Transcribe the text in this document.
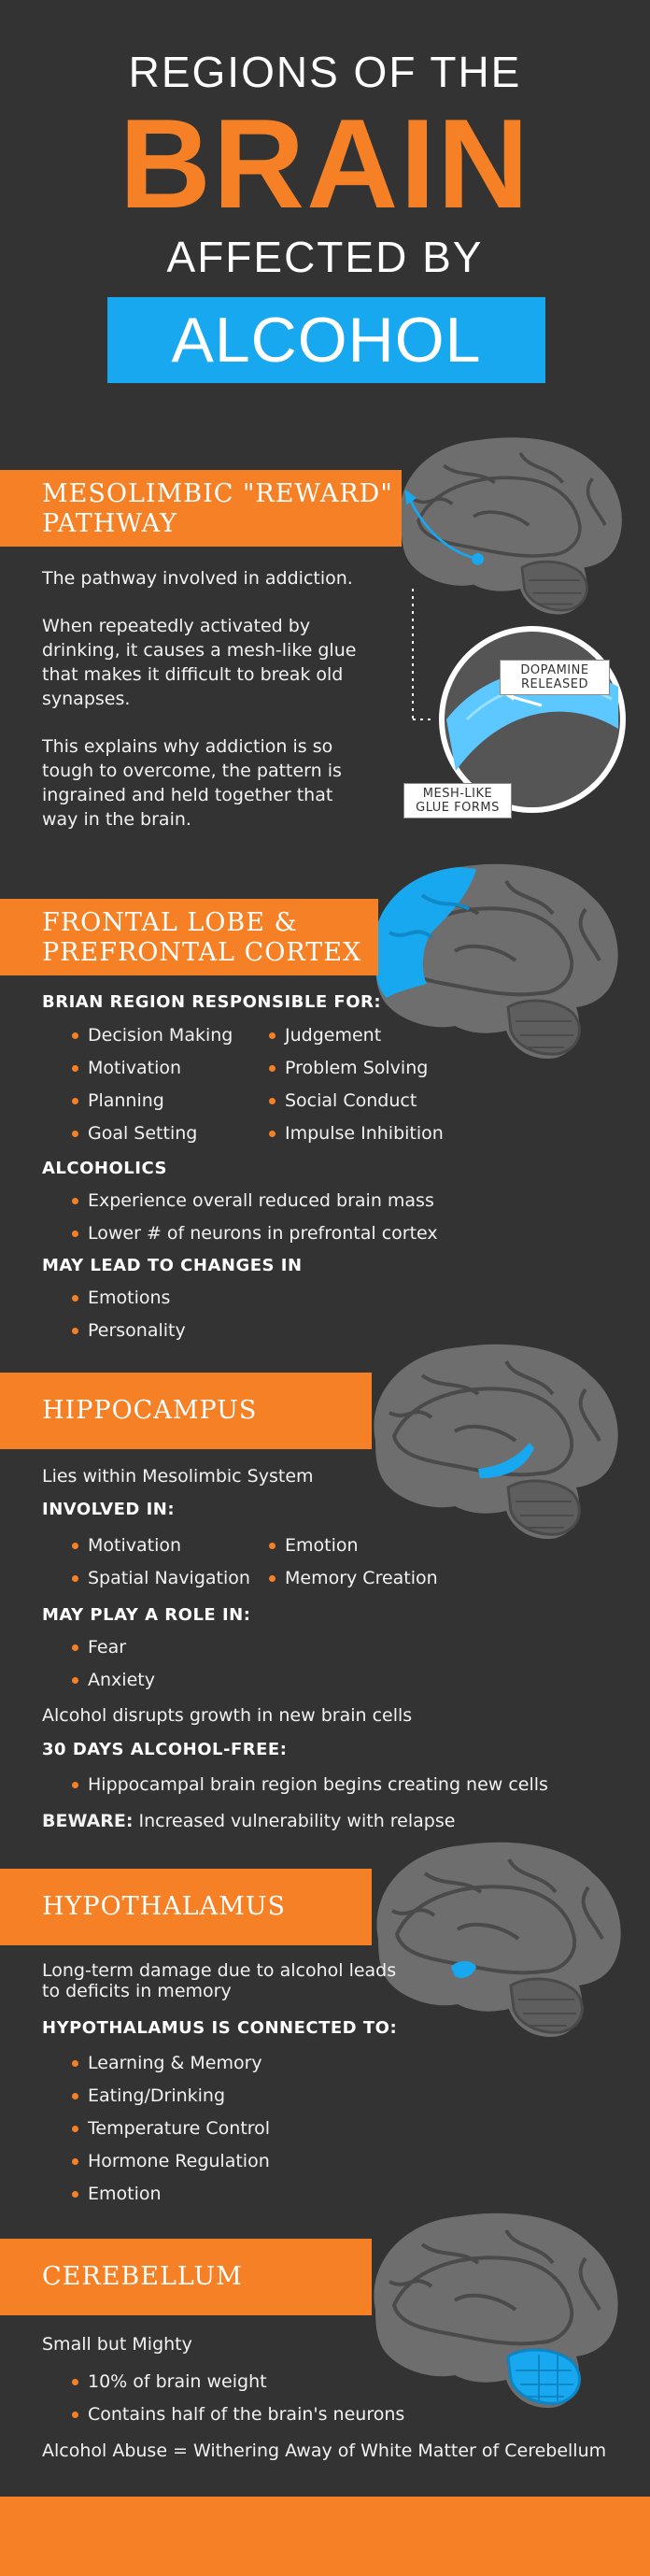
REGIONS OF THE
BRAIN
AFFECTED BY
ALCOHOL
DOPAMINE
RELEASED
MESH-LIKE
GLUE FORMS
MESOLIMBIC "REWARD"
PATHWAY
The pathway involved in addiction.
When repeatedly activated by
drinking, it causes a mesh-like glue
that makes it difficult to break old
synapses.
This explains why addiction is so
tough to overcome, the pattern is
ingrained and held together that
way in the brain.
FRONTAL LOBE &
PREFRONTAL CORTEX
BRIAN REGION RESPONSIBLE FOR:
Decision Making
Motivation
Planning
Goal Setting
Judgement
Problem Solving
Social Conduct
Impulse Inhibition
ALCOHOLICS
Experience overall reduced brain mass
Lower # of neurons in prefrontal cortex
MAY LEAD TO CHANGES IN
Emotions
Personality
HIPPOCAMPUS
Lies within Mesolimbic System
INVOLVED IN:
Motivation
Spatial Navigation
Emotion
Memory Creation
MAY PLAY A ROLE IN:
Fear
Anxiety
Alcohol disrupts growth in new brain cells
30 DAYS ALCOHOL-FREE:
Hippocampal brain region begins creating new cells
BEWARE: Increased vulnerability with relapse
HYPOTHALAMUS
Long-term damage due to alcohol leads
to deficits in memory
HYPOTHALAMUS IS CONNECTED TO:
Learning & Memory
Eating/Drinking
Temperature Control
Hormone Regulation
Emotion
CEREBELLUM
Small but Mighty
10% of brain weight
Contains half of the brain's neurons
Alcohol Abuse = Withering Away of White Matter of Cerebellum
